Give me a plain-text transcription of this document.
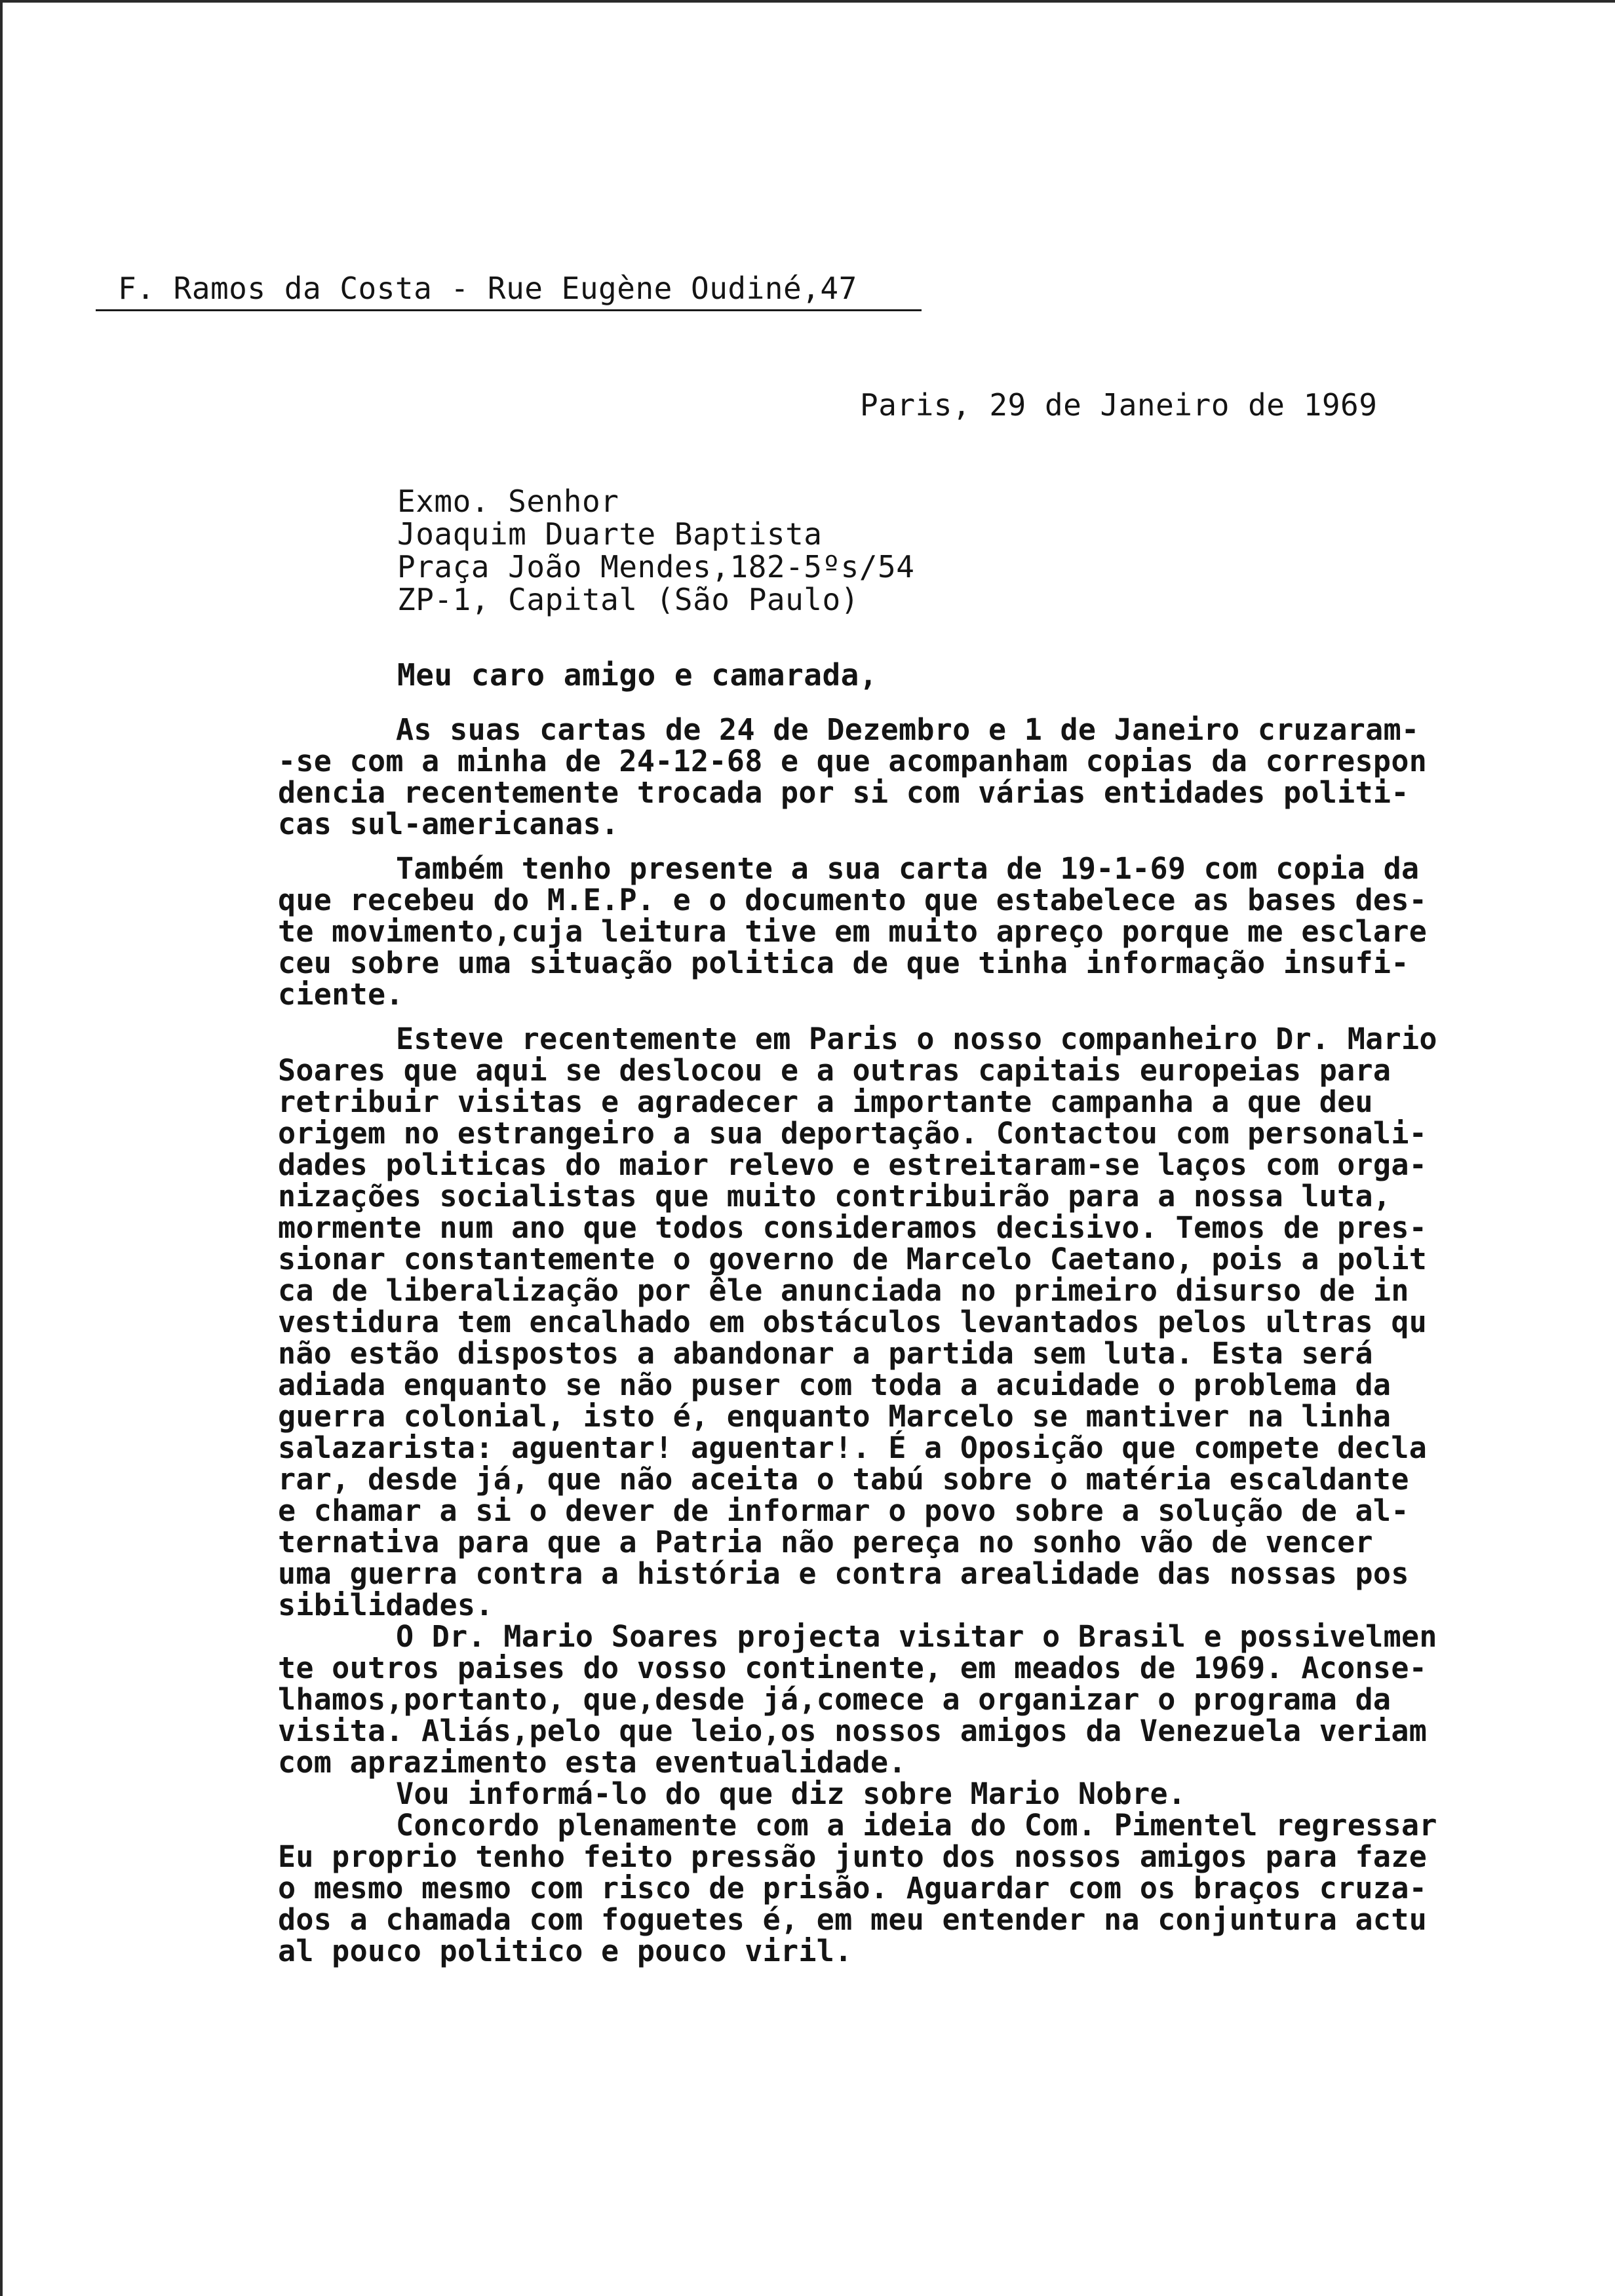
F. Ramos da Costa - Rue Eugène Oudiné,47
Paris, 29 de Janeiro de 1969
Exmo. Senhor
Joaquim Duarte Baptista
Praça João Mendes,182-5ºs/54
ZP-1, Capital (São Paulo)
Meu caro amigo e camarada,
As suas cartas de 24 de Dezembro e 1 de Janeiro cruzaram-
-se com a minha de 24-12-68 e que acompanham copias da correspon
dencia recentemente trocada por si com várias entidades politi-
cas sul-americanas.
Também tenho presente a sua carta de 19-1-69 com copia da
que recebeu do M.E.P. e o documento que estabelece as bases des-
te movimento,cuja leitura tive em muito apreço porque me esclare
ceu sobre uma situação politica de que tinha informação insufi-
ciente.
Esteve recentemente em Paris o nosso companheiro Dr. Mario
Soares que aqui se deslocou e a outras capitais europeias para
retribuir visitas e agradecer a importante campanha a que deu
origem no estrangeiro a sua deportação. Contactou com personali-
dades politicas do maior relevo e estreitaram-se laços com orga-
nizações socialistas que muito contribuirão para a nossa luta,
mormente num ano que todos consideramos decisivo. Temos de pres-
sionar constantemente o governo de Marcelo Caetano, pois a polit
ca de liberalização por êle anunciada no primeiro disurso de in
vestidura tem encalhado em obstáculos levantados pelos ultras qu
não estão dispostos a abandonar a partida sem luta. Esta será
adiada enquanto se não puser com toda a acuidade o problema da
guerra colonial, isto é, enquanto Marcelo se mantiver na linha
salazarista: aguentar! aguentar!. É a Oposição que compete decla
rar, desde já, que não aceita o tabú sobre o matéria escaldante
e chamar a si o dever de informar o povo sobre a solução de al-
ternativa para que a Patria não pereça no sonho vão de vencer
uma guerra contra a história e contra arealidade das nossas pos
sibilidades.
O Dr. Mario Soares projecta visitar o Brasil e possivelmen
te outros paises do vosso continente, em meados de 1969. Aconse-
lhamos,portanto, que,desde já,comece a organizar o programa da
visita. Aliás,pelo que leio,os nossos amigos da Venezuela veriam
com aprazimento esta eventualidade.
Vou informá-lo do que diz sobre Mario Nobre.
Concordo plenamente com a ideia do Com. Pimentel regressar
Eu proprio tenho feito pressão junto dos nossos amigos para faze
o mesmo mesmo com risco de prisão. Aguardar com os braços cruza-
dos a chamada com foguetes é, em meu entender na conjuntura actu
al pouco politico e pouco viril.
